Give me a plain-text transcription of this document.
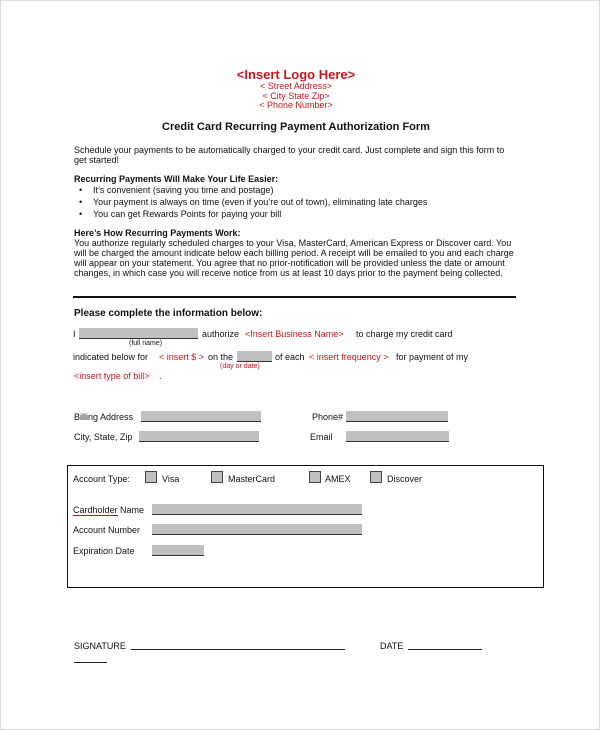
<Insert Logo Here>
< Street Address>
< City State Zip>
< Phone Number>
Credit Card Recurring Payment Authorization Form
Schedule your payments to be automatically charged to your credit card. Just complete and sign this form to get started!
Recurring Payments Will Make Your Life Easier:
• It’s convenient (saving you time and postage)
• Your payment is always on time (even if you’re out of town), eliminating late charges
• You can get Rewards Points for paying your bill
Here’s How Recurring Payments Work:
You authorize regularly scheduled charges to your Visa, MasterCard, American Express or Discover card. You will be charged the amount indicate below each billing period. A receipt will be emailed to you and each charge will appear on your statement. You agree that no prior-notification will be provided unless the date or amount changes, in which case you will receive notice from us at least 10 days prior to the payment being collected.
Please complete the information below:
I	authorize <Insert Business Name> to charge my credit card
(full name)
indicated below for < insert $ > on the	of each < insert frequency > for payment of my
(day or date)
<insert type of bill> .
Billing Address	Phone#
City, State, Zip	Email
Account Type:	Visa	MasterCard	AMEX	Discover
Cardholder Name
Account Number
Expiration Date
SIGNATURE	DATE
